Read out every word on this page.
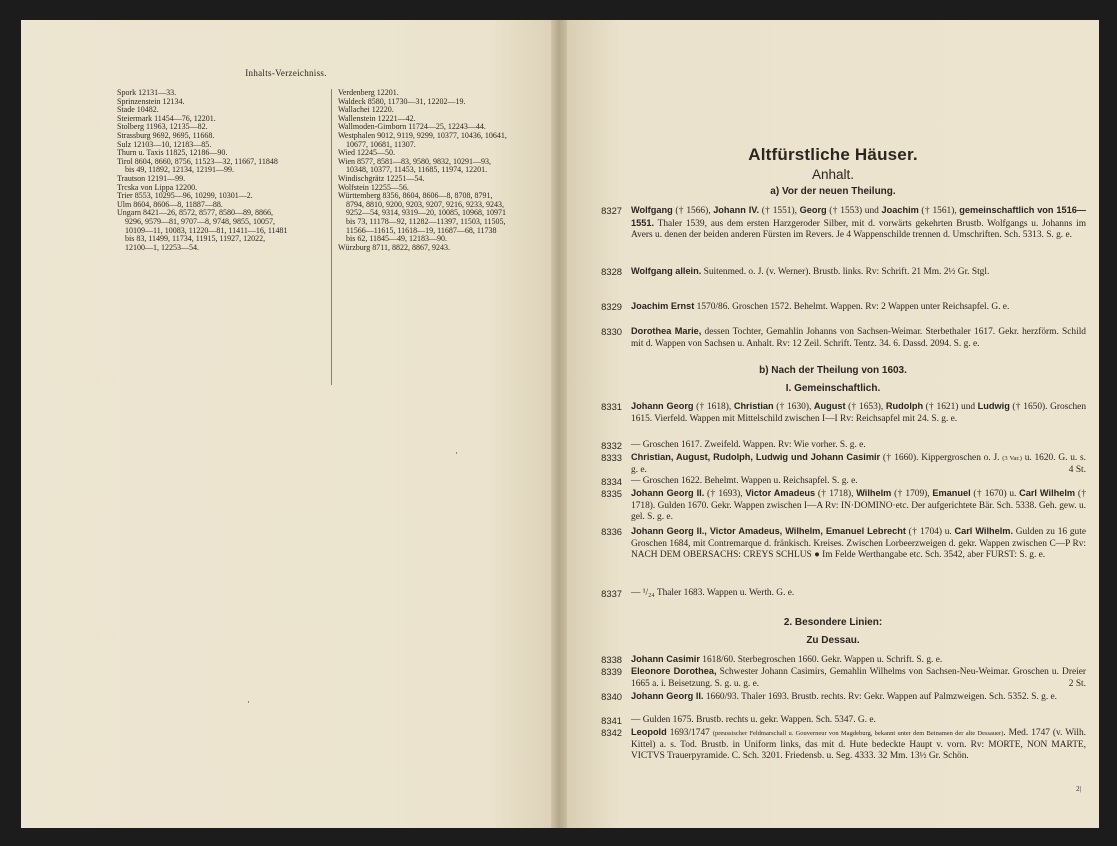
Inhalts-Verzeichniss.
Spork 12131—33.
Sprinzenstein 12134.
Stade 10482.
Steiermark 11454—76, 12201.
Stolberg 11963, 12135—82.
Strassburg 9692, 9695, 11668.
Sulz 12103—10, 12183—85.
Thurn u. Taxis 11825, 12186—90.
Tirol 8604, 8660, 8756, 11523—32, 11667, 11848
bis 49, 11892, 12134, 12191—99.
Trautson 12191—99.
Trcska von Lippa 12200.
Trier 8553, 10295—96, 10299, 10301—2.
Ulm 8604, 8606—8, 11887—88.
Ungarn 8421—26, 8572, 8577, 8580—89, 8866,
9296, 9579—81, 9707—8, 9748, 9855, 10057,
10109—11, 10083, 11220—81, 11411—16, 11481
bis 83, 11499, 11734, 11915, 11927, 12022,
12100—1, 12253—54.
Verdenberg 12201.
Waldeck 8580, 11730—31, 12202—19.
Wallachei 12220.
Wallenstein 12221—42.
Wallmoden-Gimborn 11724—25, 12243—44.
Westphalen 9012, 9119, 9299, 10377, 10436, 10641,
10677, 10681, 11307.
Wied 12245—50.
Wien 8577, 8581—83, 9580, 9832, 10291—93,
10348, 10377, 11453, 11685, 11974, 12201.
Windischgrätz 12251—54.
Wolfstein 12255—56.
Württemberg 8356, 8604, 8606—8, 8708, 8791,
8794, 8810, 9200, 9203, 9207, 9216, 9233, 9243,
9252—54, 9314, 9319—20, 10085, 10968, 10971
bis 73, 11178—92, 11282—11397, 11503, 11505,
11566—11615, 11618—19, 11687—68, 11738
bis 62, 11845—49, 12183—90.
Würzburg 8711, 8822, 8867, 9243.
·
·
Altfürstliche Häuser.
Anhalt.
a) Vor der neuen Theilung.
b) Nach der Theilung von 1603.
I. Gemeinschaftlich.
2. Besondere Linien:
Zu Dessau.
2|
8327 Wolfgang († 1566), Johann IV. († 1551), Georg († 1553) und Joachim († 1561), gemeinschaftlich von 1516—1551. Thaler 1539, aus dem ersten Harzgeroder Silber, mit d. vorwärts gekehrten Brustb. Wolfgangs u. Johanns im Avers u. denen der beiden anderen Fürsten im Revers. Je 4 Wappenschilde trennen d. Umschriften. Sch. 5313. S. g. e.
8328 Wolfgang allein. Suitenmed. o. J. (v. Werner). Brustb. links. Rv: Schrift. 21 Mm. 2½ Gr. Stgl.
8329 Joachim Ernst 1570/86. Groschen 1572. Behelmt. Wappen. Rv: 2 Wappen unter Reichsapfel. G. e.
8330 Dorothea Marie, dessen Tochter, Gemahlin Johanns von Sachsen-Weimar. Sterbethaler 1617. Gekr. herzförm. Schild mit d. Wappen von Sachsen u. Anhalt. Rv: 12 Zeil. Schrift. Tentz. 34. 6. Dassd. 2094. S. g. e.
8331 Johann Georg († 1618), Christian († 1630), August († 1653), Rudolph († 1621) und Ludwig († 1650). Groschen 1615. Vierfeld. Wappen mit Mittelschild zwischen I—I Rv: Reichsapfel mit 24. S. g. e.
8332 — Groschen 1617. Zweifeld. Wappen. Rv: Wie vorher. S. g. e.
8333 Christian, August, Rudolph, Ludwig und Johann Casimir († 1660). Kippergroschen o. J. (3 Var.) u. 1620. G. u. s. g. e.	4 St.
8334 — Groschen 1622. Behelmt. Wappen u. Reichsapfel. S. g. e.
8335 Johann Georg II. († 1693), Victor Amadeus († 1718), Wilhelm († 1709), Emanuel († 1670) u. Carl Wilhelm († 1718). Gulden 1670. Gekr. Wappen zwischen I—A Rv: IN·DOMINO·etc. Der aufgerichtete Bär. Sch. 5338. Geh. gew. u. gel. S. g. e.
8336 Johann Georg II., Victor Amadeus, Wilhelm, Emanuel Lebrecht († 1704) u. Carl Wilhelm. Gulden zu 16 gute Groschen 1684, mit Contremarque d. fränkisch. Kreises. Zwischen Lorbeerzweigen d. gekr. Wappen zwischen C—P Rv: NACH DEM OBERSACHS: CREYS SCHLUS ● Im Felde Werthangabe etc. Sch. 3542, aber FURST: S. g. e.
8337 — ¹/₂₄ Thaler 1683. Wappen u. Werth. G. e.
8338 Johann Casimir 1618/60. Sterbegroschen 1660. Gekr. Wappen u. Schrift. S. g. e.
8339 Eleonore Dorothea, Schwester Johann Casimirs, Gemahlin Wilhelms von Sachsen-Neu-Weimar. Groschen u. Dreier 1665 a. i. Beisetzung. S. g. u. g. e.	2 St.
8340 Johann Georg II. 1660/93. Thaler 1693. Brustb. rechts. Rv: Gekr. Wappen auf Palmzweigen. Sch. 5352. S. g. e.
8341 — Gulden 1675. Brustb. rechts u. gekr. Wappen. Sch. 5347. G. e.
8342 Leopold 1693/1747 (preussischer Feldmarschall u. Gouverneur von Magdeburg, bekannt unter dem Beinamen der alte Dessauer). Med. 1747 (v. Wilh. Kittel) a. s. Tod. Brustb. in Uniform links, das mit d. Hute bedeckte Haupt v. vorn. Rv: MORTE, NON MARTE, VICTVS Trauerpyramide. C. Sch. 3201. Friedensb. u. Seg. 4333. 32 Mm. 13½ Gr. Schön.
